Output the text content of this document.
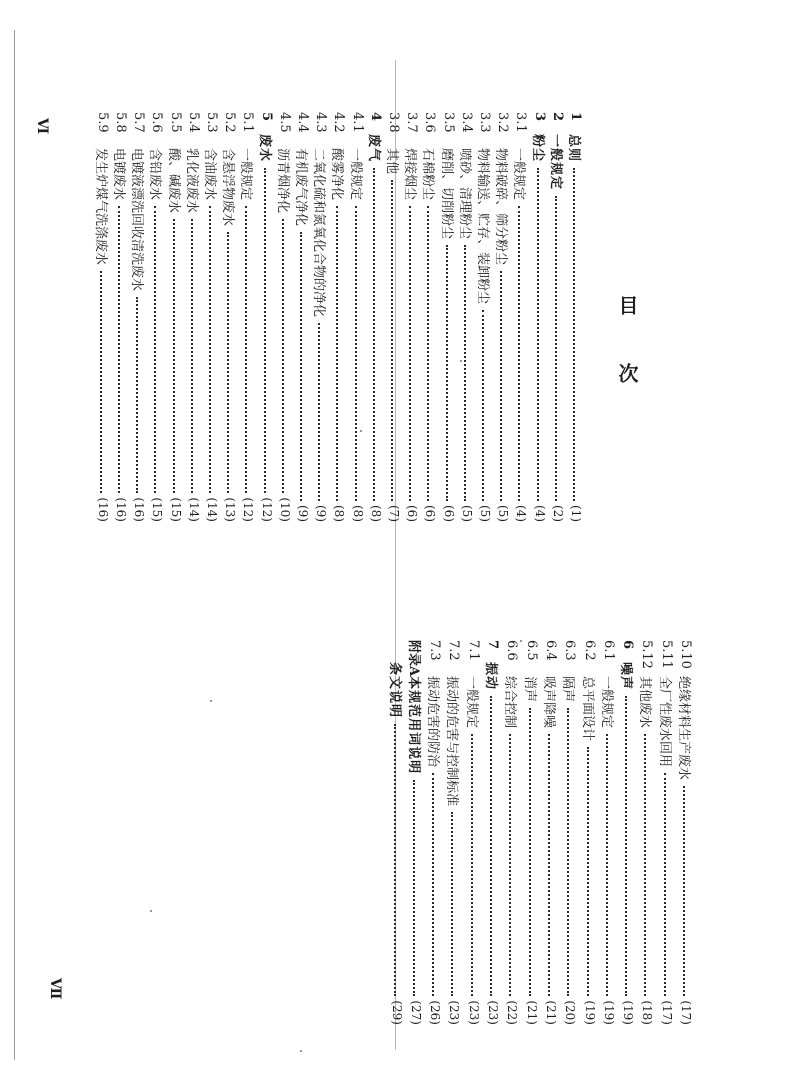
目　次
1
总则
(1)
2
一般规定
(2)
3
粉尘
(4)
3.1
一般规定
(4)
3.2
物料破碎、筛分粉尘
(5)
3.3
物料输送、贮存、装卸粉尘
(5)
3.4
喷砂、清理粉尘
(5)
3.5
磨削、切削粉尘
(6)
3.6
石棉粉尘
(6)
3.7
焊接烟尘
(6)
3.8
其他
(7)
4
废气
(8)
4.1
一般规定
(8)
4.2
酸雾净化
(8)
4.3
二氧化硫和氮氧化合物的净化
(9)
4.4
有机废气净化
(9)
4.5
沥青烟净化
(10)
5
废水
(12)
5.1
一般规定
(12)
5.2
含悬浮物废水
(13)
5.3
含油废水
(14)
5.4
乳化液废水
(14)
5.5
酸、碱废水
(15)
5.6
含铅废水
(15)
5.7
电镀液漂洗回收清洗废水
(16)
5.8
电镀废水
(16)
5.9
发生炉煤气洗涤废水
(16)
5.10
绝缘材料生产废水
(17)
5.11
全厂性废水回用
(17)
5.12
其他废水
(18)
6
噪声
(19)
6.1
一般规定
(19)
6.2
总平面设计
(19)
6.3
隔声
(20)
6.4
吸声降噪
(21)
6.5
消声
(21)
6.6
综合控制
(22)
7
振动
(23)
7.1
一般规定
(23)
7.2
振动的危害与控制标准
(23)
7.3
振动危害的防治
(26)
附录A
本规范用词说明
(27)
条文说明
(29)
Ⅵ
Ⅶ
